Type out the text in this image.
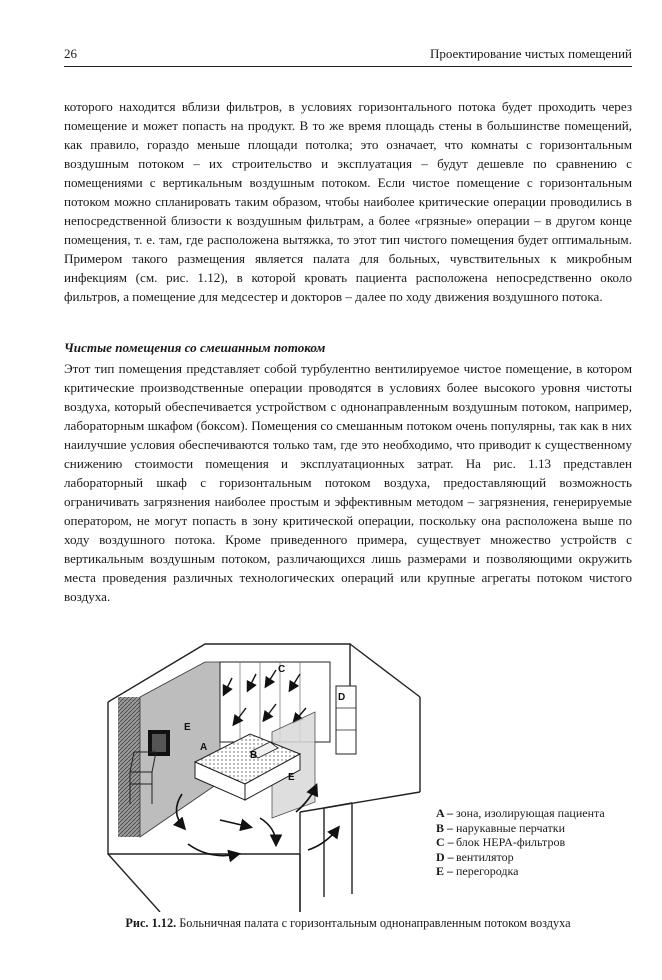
26	Проектирование чистых помещений

которого находится вблизи фильтров, в условиях горизонтального потока будет проходить через помещение и может попасть на продукт. В то же время площадь стены в большинстве помещений, как правило, гораздо меньше площади потолка; это означает, что комнаты с горизонтальным воздушным потоком – их строительство и эксплуатация – будут дешевле по сравнению с помещениями с вертикальным воздушным потоком. Если чистое помещение с горизонтальным потоком можно спланировать таким образом, чтобы наиболее критические операции проводились в непосредственной близости к воздушным фильтрам, а более «грязные» операции – в другом конце помещения, т. е. там, где расположена вытяжка, то этот тип чистого помещения будет оптимальным. Примером такого размещения является палата для больных, чувствительных к микробным инфекциям (см. рис. 1.12), в которой кровать пациента расположена непосредственно около фильтров, а помещение для медсестер и докторов – далее по ходу движения воздушного потока.

Чистые помещения со смешанным потоком

Этот тип помещения представляет собой турбулентно вентилируемое чистое помещение, в котором критические производственные операции проводятся в условиях более высокого уровня чистоты воздуха, который обеспечивается устройством с однонаправленным воздушным потоком, например, лабораторным шкафом (боксом). Помещения со смешанным потоком очень популярны, так как в них наилучшие условия обеспечиваются только там, где это необходимо, что приводит к существенному снижению стоимости помещения и эксплуатационных затрат. На рис. 1.13 представлен лабораторный шкаф с горизонтальным потоком воздуха, предоставляющий возможность ограничивать загрязнения наиболее простым и эффективным методом – загрязнения, генерируемые оператором, не могут попасть в зону критической операции, поскольку она расположена выше по ходу воздушного потока. Кроме приведенного примера, существует множество устройств с вертикальным воздушным потоком, различающихся лишь размерами и позволяющими окружить места проведения различных технологических операций или крупные агрегаты потоком чистого воздуха.

C
D
E
A
B
E
A – зона, изолирующая пациента
B – нарукавные перчатки
C – блок HEPA-фильтров
D – вентилятор
E – перегородка
Рис. 1.12. Больничная палата с горизонтальным однонаправленным потоком воздуха
